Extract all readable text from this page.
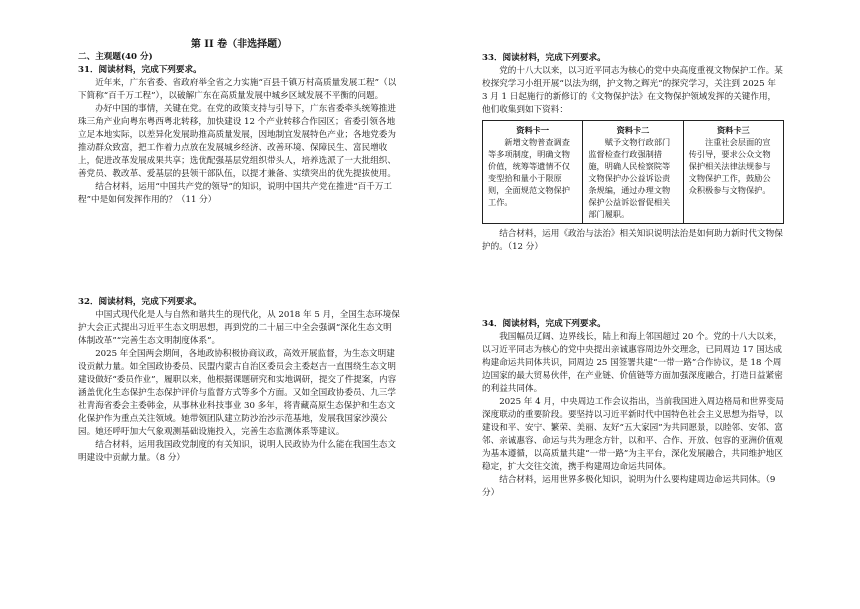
第 II 卷（非选择题）

二、主观题(40 分)

31．阅读材料，完成下列要求。

近年来，广东省委、省政府举全省之力实施“百县千镇万村高质量发展工程”（以下简称“百千万工程”），以破解广东在高质量发展中城乡区域发展不平衡的问题。

办好中国的事情，关键在党。在党的政策支持与引导下，广东省委牵头统筹推进珠三角产业向粤东粤西粤北转移，加快建设 12 个产业转移合作园区；省委引领各地立足本地实际，以差异化发展助推高质量发展，因地制宜发展特色产业；各地党委为推动群众致富，把工作着力点放在发展城乡经济、改善环境、保障民生、富民增收上，促进改革发展成果共享；选优配强基层党组织带头人，培养选派了一大批组织、善党员、教改革、爱基层的县领干部队伍，以提才兼备、实绩突出的优先提拔使用。

结合材料，运用“中国共产党的领导”的知识，说明中国共产党在推进“百千万工程”中是如何发挥作用的？（11 分）

32．阅读材料，完成下列要求。

中国式现代化是人与自然和谐共生的现代化，从 2018 年 5 月，全国生态环境保护大会正式提出习近平生态文明思想，再到党的二十届三中全会强调“深化生态文明体制改革”“完善生态文明制度体系”。

2025 年全国两会期间，各地政协积极协商议政，高效开展监督，为生态文明建设贡献力量。如全国政协委员、民盟内蒙古自治区委员会主委赵吉一直围绕生态文明建设做好“委员作业”，履职以来，他根据课题研究和实地调研，提交了件提案，内容涵盖优化生态保护生态保护评价与监督方式等多个方面。又如全国政协委员、九三学社青海省委会主委韩金，从事林业科技事业 30 多年，将青藏高原生态保护和生态文化保护作为重点关注领域。她带领团队建立防沙治沙示范基地，发展我国家沙漠公园。她还呼吁加大气象观测基础设施投入，完善生态监测体系等建议。

结合材料，运用我国政党制度的有关知识，说明人民政协为什么能在我国生态文明建设中贡献力量。（8 分）

33．阅读材料，完成下列要求。

党的十八大以来，以习近平同志为核心的党中央高度重视文物保护工作。某校探究学习小组开展“以法为纲，护文物之辉光”的探究学习，关注到 2025 年 3 月 1 日起施行的新修订的《文物保护法》在文物保护领域发挥的关键作用，他们收集到如下资料：

资料卡一
新增文物普查调查等多项制度，明确文物价值，统筹等遗情不仅变型拾和量小于限原则，全面规范文物保护工作。

资料卡二
赋予文物行政部门监督检查行政强制措施，明确人民检察院等文物保护办公益诉讼责条规编，通过办理文物保护公益诉讼督促相关部门履职。

资料卡三
注重社会层面的宣传引导，要求公众文物保护相关法律法规参与文物保护工作，鼓励公众积极参与文物保护。

结合材料，运用《政治与法治》相关知识说明法治是如何助力新时代文物保护的。（12 分）

34．阅读材料，完成下列要求。

我国幅员辽阔、边界线长，陆上和海上邻国超过 20 个。党的十八大以来，以习近平同志为核心的党中央提出亲诚惠容周边外交理念，已同周边 17 国达成构建命运共同体共识，同周边 25 国签署共建“一带一路”合作协议，是 18 个周边国家的最大贸易伙伴，在产业链、价值链等方面加强深度融合，打造日益紧密的利益共同体。

2025 年 4 月，中央周边工作会议指出，当前我国进入周边格局和世界变局深度联动的重要阶段。要坚持以习近平新时代中国特色社会主义思想为指导，以建设和平、安宁、繁荣、美丽、友好“五大家园”为共同愿景，以睦邻、安邻、富邻、亲诚惠容、命运与共为理念方针，以和平、合作、开放、包容的亚洲价值观为基本遵循，以高质量共建“一带一路”为主平台，深化发展融合，共同维护地区稳定，扩大交往交流，携手构建周边命运共同体。

结合材料，运用世界多极化知识，说明为什么要构建周边命运共同体。（9 分）
